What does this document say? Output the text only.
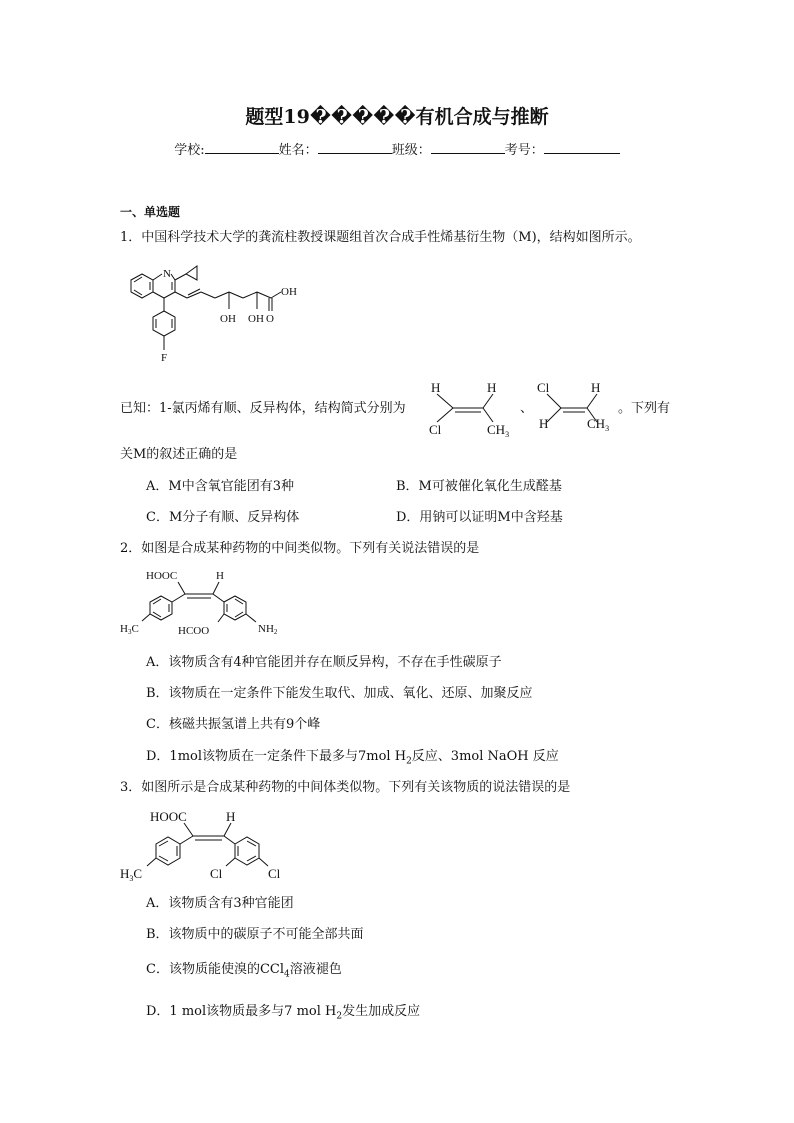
题型19�����有机合成与推断
学校:	姓名：	班级：	考号：
一、单选题
1．中国科学技术大学的龚流柱教授课题组首次合成手性烯基衍生物（M)，结构如图所示。
N
OH
OH OH O
F
已知：1-氯丙烯有顺、反异构体，结构简式分别为
H	H
Cl	$CH_3$
、
Cl	H
H	$CH_3$
。下列有
关M的叙述正确的是
A．M中含氧官能团有3种	B．M可被催化氧化生成醛基
C．M分子有顺、反异构体	D．用钠可以证明M中含羟基
2．如图是合成某种药物的中间类似物。下列有关说法错误的是
HOOC	H
H3C	HCOO	NH2
A．该物质含有4种官能团并存在顺反异构，不存在手性碳原子
B．该物质在一定条件下能发生取代、加成、氧化、还原、加聚反应
C．核磁共振氢谱上共有9个峰
D．1mol该物质在一定条件下最多与7mol $H_2$反应、3mol NaOH 反应
3．如图所示是合成某种药物的中间体类似物。下列有关该物质的说法错误的是
HOOC	H
$H_3C$	Cl	Cl
A．该物质含有3种官能团
B．该物质中的碳原子不可能全部共面
C．该物质能使溴的CCl$_4$溶液褪色
D．1 mol该物质最多与7 mol $H_2$发生加成反应
